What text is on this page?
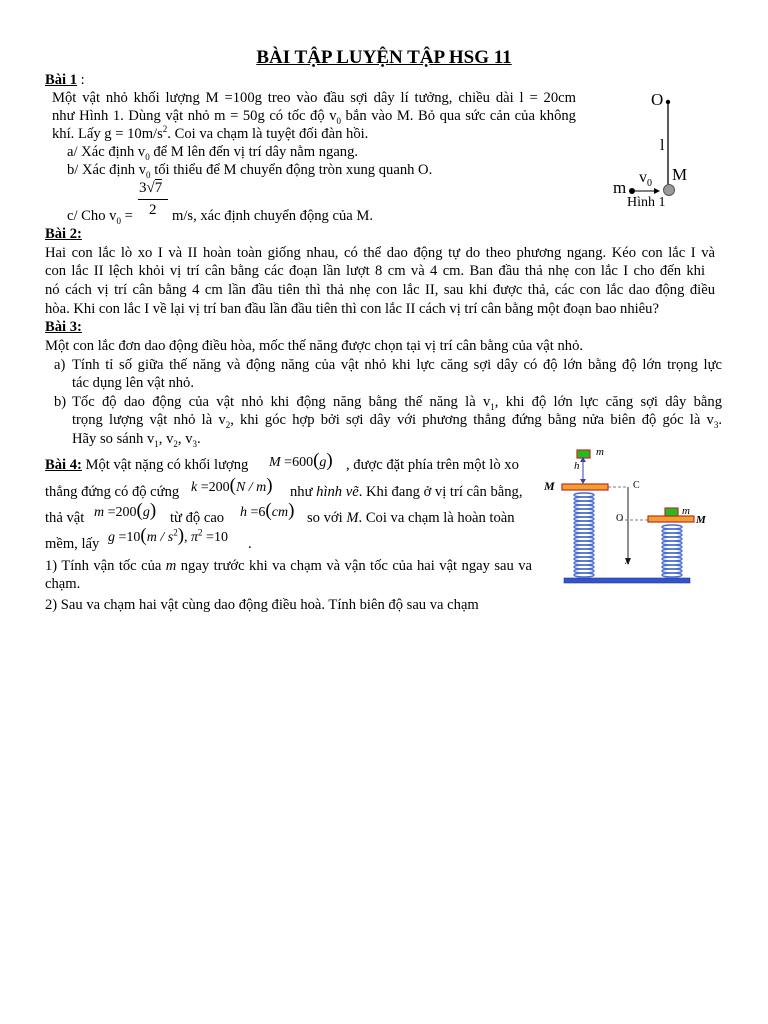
BÀI TẬP LUYỆN TẬP HSG 11
Bài 1 :
Một vật nhỏ khối lượng M =100g treo vào đầu sợi dây lí tưởng, chiều dài l = 20cm
như Hình 1. Dùng vật nhỏ m = 50g có tốc độ $v_0$ bắn vào M. Bỏ qua sức cản của không
khí. Lấy $g = 10m/s^2$. Coi va chạm là tuyệt đối đàn hồi.
a/ Xác định $v_0$ để M lên đến vị trí dây nằm ngang.
b/ Xác định $v_0$ tối thiểu để M chuyển động tròn xung quanh O.
3√7
2
c/ Cho $v_0$ =	m/s, xác định chuyển động của M.
O
l
M
$v_0$
m
Hình 1
Bài 2:
Hai con lắc lò xo I và II hoàn toàn giống nhau, có thể dao động tự do theo phương ngang. Kéo con lắc I và
con lắc II lệch khỏi vị trí cân bằng các đoạn lần lượt 8 cm và 4 cm. Ban đầu thả nhẹ con lắc I cho đến khi
nó cách vị trí cân bằng 4 cm lần đầu tiên thì thả nhẹ con lắc II, sau khi được thả, các con lắc dao động điều
hòa. Khi con lắc I về lại vị trí ban đầu lần đầu tiên thì con lắc II cách vị trí cân bằng một đoạn bao nhiêu?
Bài 3:
Một con lắc đơn dao động điều hòa, mốc thế năng được chọn tại vị trí cân bằng của vật nhỏ.
a) Tính tỉ số giữa thế năng và động năng của vật nhỏ khi lực căng sợi dây có độ lớn bằng độ lớn trọng lực
tác dụng lên vật nhỏ.
b) Tốc độ dao động của vật nhỏ khi động năng bằng thế năng là $v_1$, khi độ lớn lực căng sợi dây bằng
trọng lượng vật nhỏ là $v_2$, khi góc hợp bởi sợi dây với phương thẳng đứng bằng nửa biên độ góc là $v_3$.
Hãy so sánh $v_1$, $v_2$, $v_3$.
Bài 4: Một vật nặng có khối lượng M =600(g) , được đặt phía trên một lò xo
thẳng đứng có độ cứng k =200(N / m) như hình vẽ. Khi đang ở vị trí cân bằng,
thả vật m =200(g) từ độ cao h =6(cm) so với M. Coi va chạm là hoàn toàn
mềm, lấy $g =10(m / s^2)$, $\pi^2 =10$ .
1) Tính vận tốc của m ngay trước khi va chạm và vận tốc của hai vật ngay sau va
chạm.
2) Sau va chạm hai vật cùng dao động điều hoà. Tính biên độ sau va chạm
m
h
M	C
O
m
M
x
